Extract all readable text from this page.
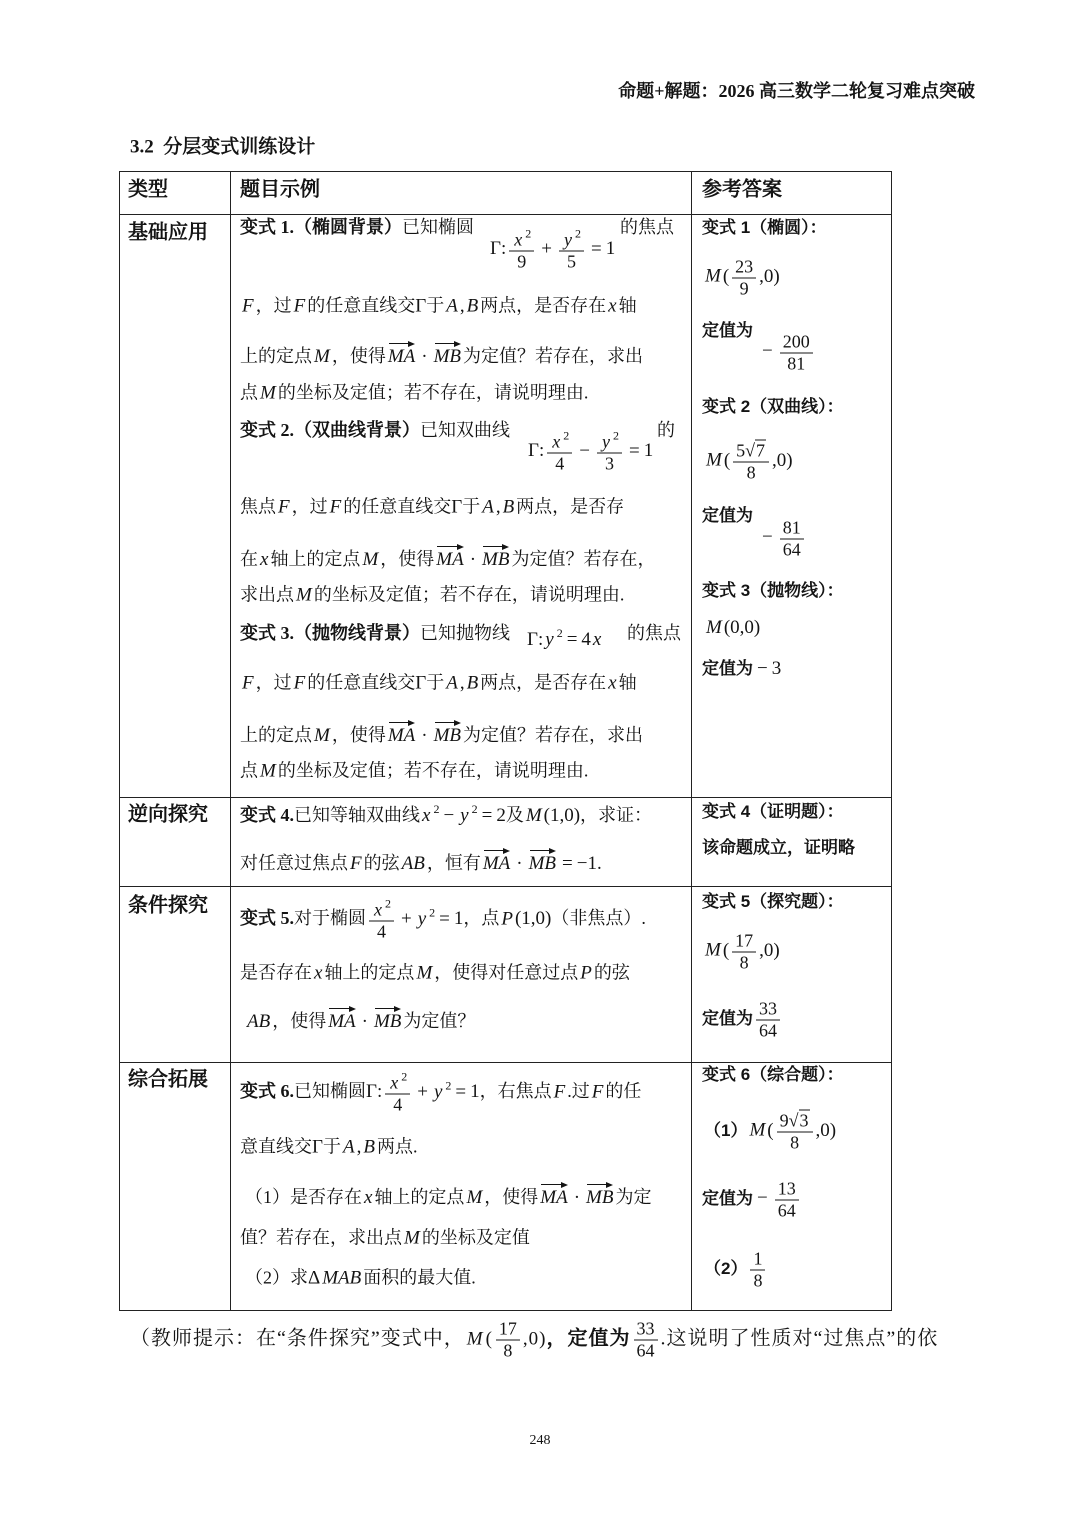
命题+解题：2026 高三数学二轮复习难点突破
3.2  分层变式训练设计
类型	题目示例	参考答案
基础应用 变式 1.（椭圆背景）已知椭圆
Γ: $\frac{x ^2}{9} + \frac{y ^2}{5} = 1$
的焦点
F ，过 F 的任意直线交Γ于 A , B 两点，是否存在 x 轴
上的定点 M ，使得 MA · MB 为定值？若存在，求出
点 M 的坐标及定值；若不存在，请说明理由.
变式 2.（双曲线背景）已知双曲线
Γ: $\frac{x ^2}{4} - \frac{y ^2}{3} = 1$
的
焦点 F ，过 F 的任意直线交Γ于 A , B 两点，是否存
在 x 轴上的定点 M ，使得 MA · MB 为定值？若存在，
求出点 M 的坐标及定值；若不存在，请说明理由.
变式 3.（抛物线背景）已知抛物线 Γ: y $^2$ = 4 x 的焦点
F ，过 F 的任意直线交Γ于 A , B 两点，是否存在 x 轴
上的定点 M ，使得 MA · MB 为定值？若存在，求出
点 M 的坐标及定值；若不存在，请说明理由.
变式 1（椭圆）：
M ( $\frac{23}{9} ,0$)
定值为
− $\frac{200}{81}$
变式 2（双曲线）：
M ( $\frac{5 √ 7}{8} ,0$)
定值为
− $\frac{81}{64}$
变式 3（抛物线）：
M (0,0)
定值为 − 3
逆向探究 变式 4.已知等轴双曲线 x $^2$ − y $^2$ = 2及 M (1,0)，求证：
对任意过焦点 F 的弦 AB ，恒有 MA · MB = −1.
变式 4（证明题）：
该命题成立，证明略
条件探究
变式 5.对于椭圆 $\frac{x ^2}{4} + y$ $^2$ = 1，点 P (1,0)（非焦点）.
是否存在 x 轴上的定点 M ，使得对任意过点 P 的弦
AB ，使得 MA · MB 为定值？
变式 5（探究题）：
M ( $\frac{17}{8} ,0$)
定值为 $\frac{33}{64}$
综合拓展
变式 6.已知椭圆Γ: $\frac{x ^2}{4} + y$ $^2$ = 1，右焦点 F .过 F 的任
意直线交Γ于 A , B 两点.
（1）是否存在 x 轴上的定点 M ，使得 MA · MB 为定
值？若存在，求出点 M 的坐标及定值
（2）求Δ MAB 面积的最大值.
变式 6（综合题）：
（1） M ( $\frac{9 √ 3}{8} ,0$)
定值为 − $\frac{13}{64}$
$(2) \frac{1}{8}$
（教师提示：在“条件探究”变式中， M ( $\frac{17}{8} ,0$)，定值为 $\frac{33}{64}$ .这说明了性质对“过焦点”的依
248
